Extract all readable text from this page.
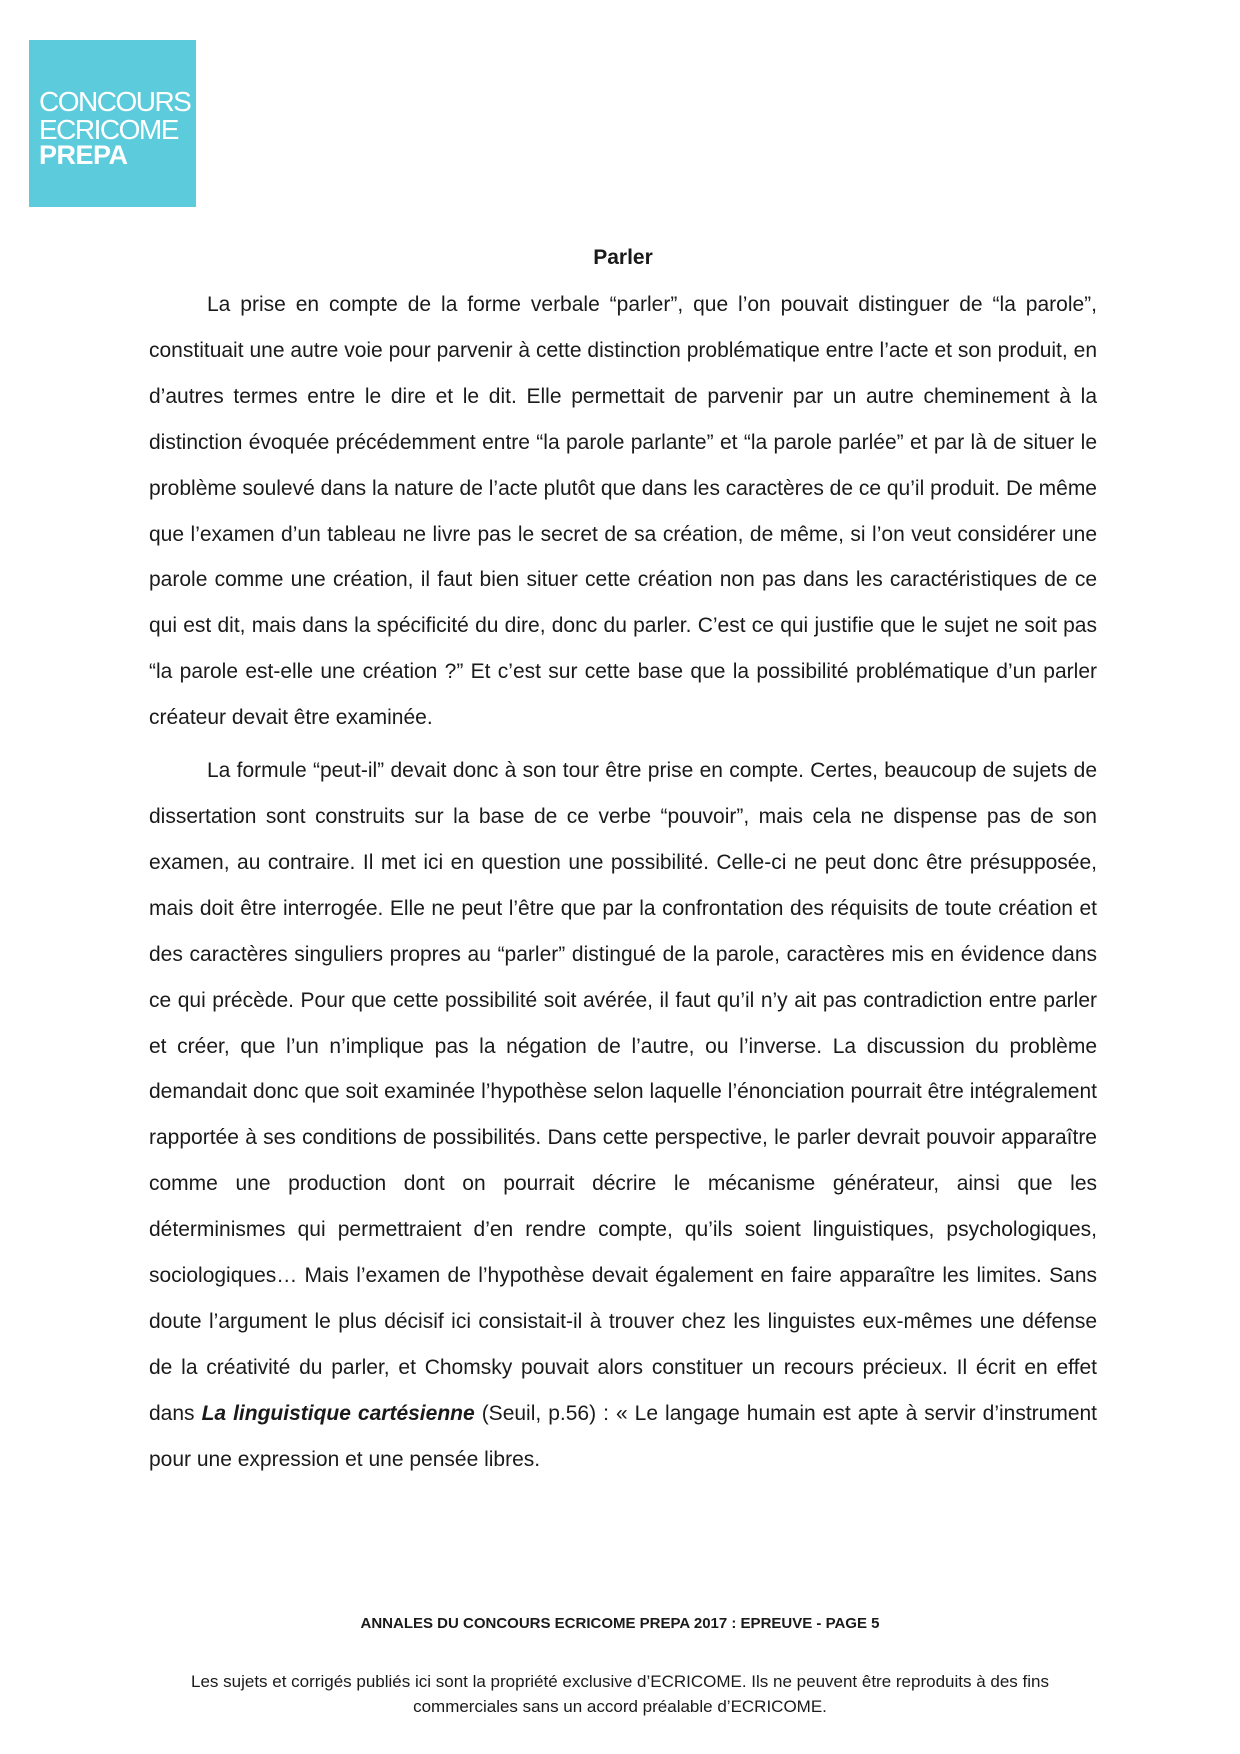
CONCOURS
ECRICOME
PREPA
Parler

La prise en compte de la forme verbale “parler”, que l’on pouvait distinguer de “la parole”, constituait une autre voie pour parvenir à cette distinction problématique entre l’acte et son produit, en d’autres termes entre le dire et le dit. Elle permettait de parvenir par un autre cheminement à la distinction évoquée précédemment entre “la parole parlante” et “la parole parlée” et par là de situer le problème soulevé dans la nature de l’acte plutôt que dans les caractères de ce qu’il produit. De même que l’examen d’un tableau ne livre pas le secret de sa création, de même, si l’on veut considérer une parole comme une création, il faut bien situer cette création non pas dans les caractéristiques de ce qui est dit, mais dans la spécificité du dire, donc du parler. C’est ce qui justifie que le sujet ne soit pas “la parole est-elle une création ?” Et c’est sur cette base que la possibilité problématique d’un parler créateur devait être examinée.

La formule “peut-il” devait donc à son tour être prise en compte. Certes, beaucoup de sujets de dissertation sont construits sur la base de ce verbe “pouvoir”, mais cela ne dispense pas de son examen, au contraire. Il met ici en question une possibilité. Celle-ci ne peut donc être présupposée, mais doit être interrogée. Elle ne peut l’être que par la confrontation des réquisits de toute création et des caractères singuliers propres au “parler” distingué de la parole, caractères mis en évidence dans ce qui précède. Pour que cette possibilité soit avérée, il faut qu’il n’y ait pas contradiction entre parler et créer, que l’un n’implique pas la négation de l’autre, ou l’inverse. La discussion du problème demandait donc que soit examinée l’hypothèse selon laquelle l’énonciation pourrait être intégralement rapportée à ses conditions de possibilités. Dans cette perspective, le parler devrait pouvoir apparaître comme une production dont on pourrait décrire le mécanisme générateur, ainsi que les déterminismes qui permettraient d’en rendre compte, qu’ils soient linguistiques, psychologiques, sociologiques… Mais l’examen de l’hypothèse devait également en faire apparaître les limites. Sans doute l’argument le plus décisif ici consistait-il à trouver chez les linguistes eux-mêmes une défense de la créativité du parler, et Chomsky pouvait alors constituer un recours précieux. Il écrit en effet dans La linguistique cartésienne (Seuil, p.56) : « Le langage humain est apte à servir d’instrument pour une expression et une pensée libres.

ANNALES DU CONCOURS ECRICOME PREPA 2017 : EPREUVE - PAGE 5
Les sujets et corrigés publiés ici sont la propriété exclusive d’ECRICOME. Ils ne peuvent être reproduits à des fins commerciales sans un accord préalable d’ECRICOME.
